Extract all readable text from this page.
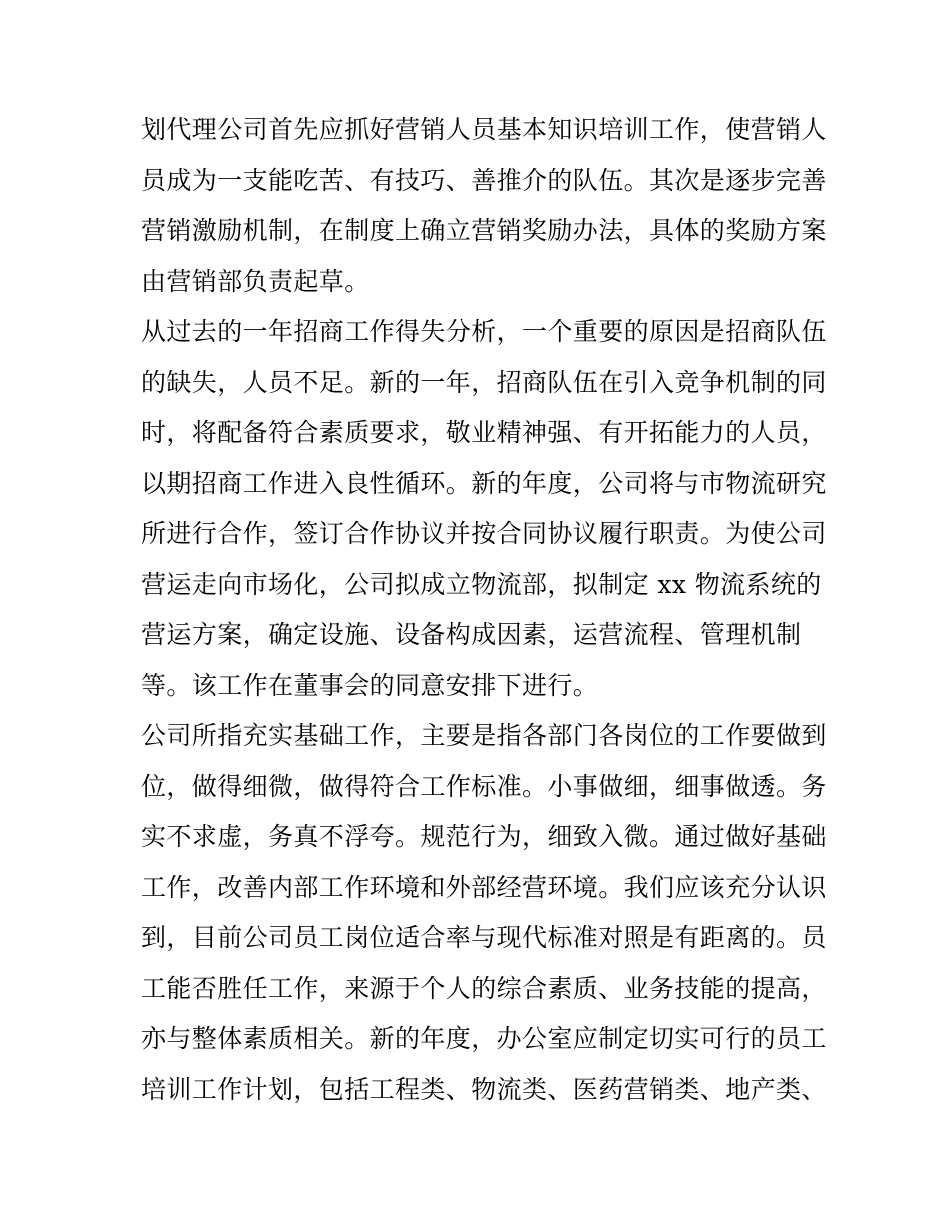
划代理公司首先应抓好营销人员基本知识培训工作，使营销人
员成为一支能吃苦、有技巧、善推介的队伍。其次是逐步完善
营销激励机制，在制度上确立营销奖励办法，具体的奖励方案
由营销部负责起草。
从过去的一年招商工作得失分析，一个重要的原因是招商队伍
的缺失，人员不足。新的一年，招商队伍在引入竞争机制的同
时，将配备符合素质要求，敬业精神强、有开拓能力的人员，
以期招商工作进入良性循环。新的年度，公司将与市物流研究
所进行合作，签订合作协议并按合同协议履行职责。为使公司
营运走向市场化，公司拟成立物流部，拟制定 xx 物流系统的
营运方案，确定设施、设备构成因素，运营流程、管理机制
等。该工作在董事会的同意安排下进行。
公司所指充实基础工作，主要是指各部门各岗位的工作要做到
位，做得细微，做得符合工作标准。小事做细，细事做透。务
实不求虚，务真不浮夸。规范行为，细致入微。通过做好基础
工作，改善内部工作环境和外部经营环境。我们应该充分认识
到，目前公司员工岗位适合率与现代标准对照是有距离的。员
工能否胜任工作，来源于个人的综合素质、业务技能的提高，
亦与整体素质相关。新的年度，办公室应制定切实可行的员工
培训工作计划，包括工程类、物流类、医药营销类、地产类、
